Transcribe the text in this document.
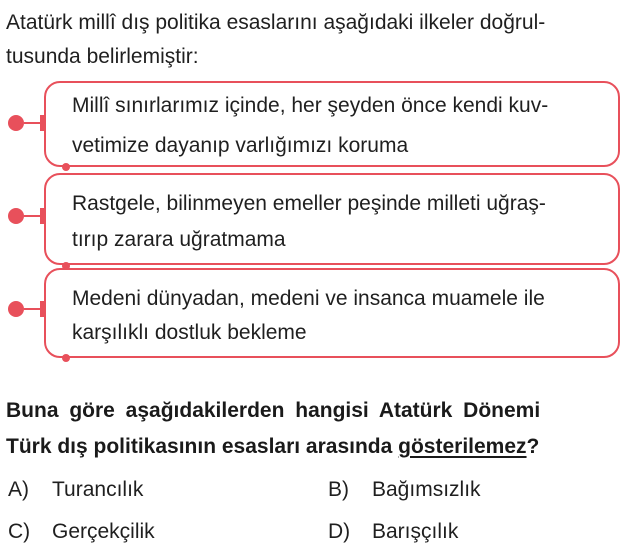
Atatürk millî dış politika esaslarını aşağıdaki ilkeler doğrul-
tusunda belirlemiştir:
Millî sınırlarımız içinde, her şeyden önce kendi kuv-
vetimize dayanıp varlığımızı koruma
Rastgele, bilinmeyen emeller peşinde milleti uğraş-
tırıp zarara uğratmama
Medeni dünyadan, medeni ve insanca muamele ile
karşılıklı dostluk bekleme
Buna göre aşağıdakilerden hangisi Atatürk Dönemi
Türk dış politikasının esasları arasında gösterilemez?
A) Turancılık	B) Bağımsızlık
C) Gerçekçilik	D) Barışçılık
